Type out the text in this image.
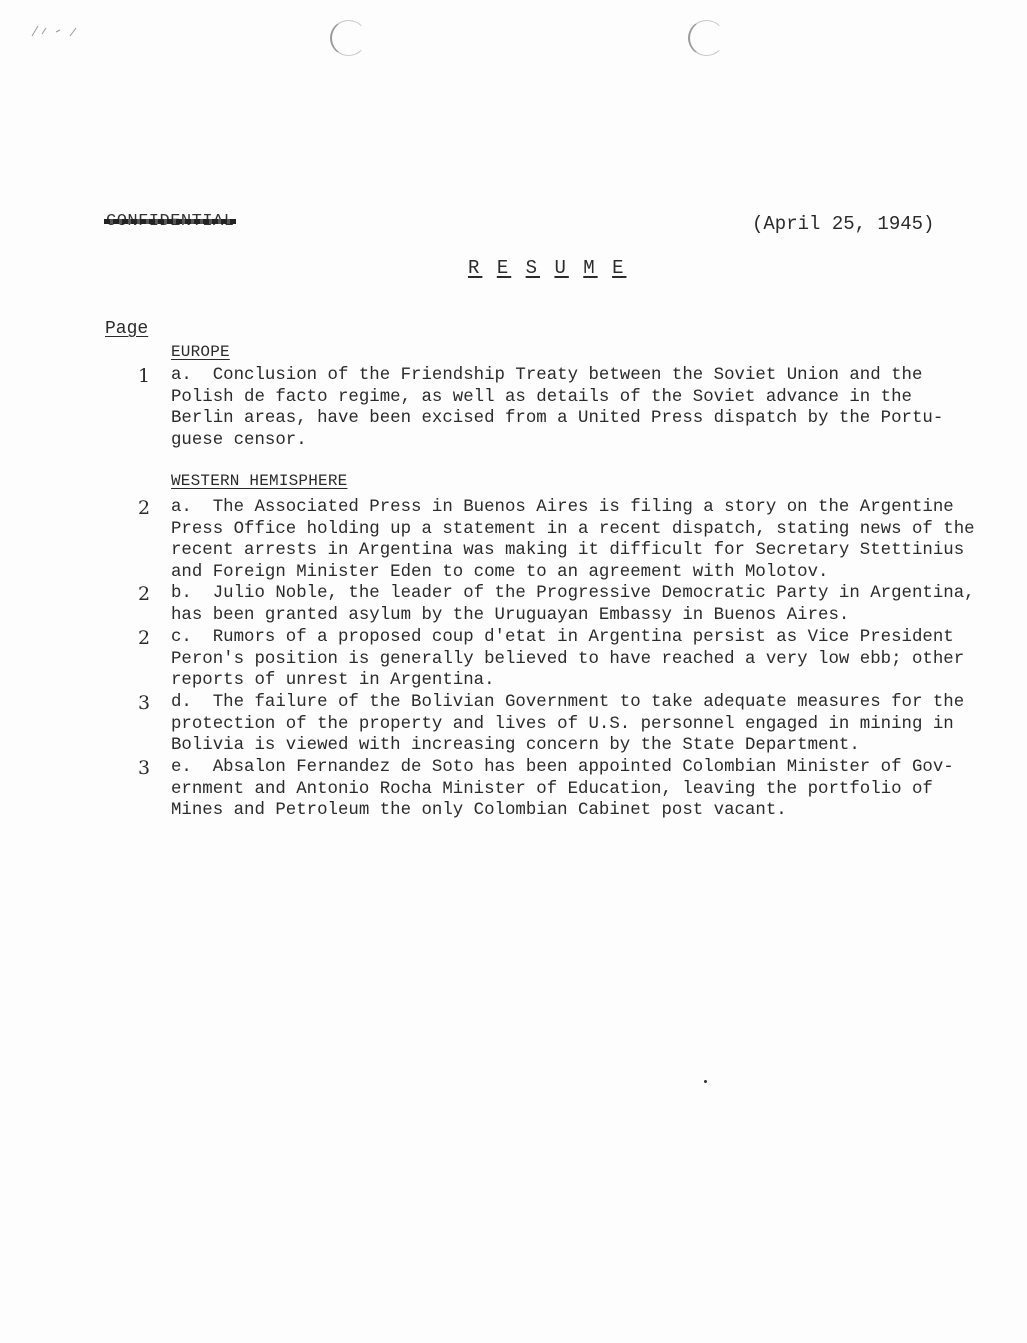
(April 25, 1945)
R E S U M E
Page
EUROPE
1	a.  Conclusion of the Friendship Treaty between the Soviet Union and the
Polish de facto regime, as well as details of the Soviet advance in the
Berlin areas, have been excised from a United Press dispatch by the Portu-
guese censor.
WESTERN HEMISPHERE
2	a.  The Associated Press in Buenos Aires is filing a story on the Argentine
Press Office holding up a statement in a recent dispatch, stating news of the
recent arrests in Argentina was making it difficult for Secretary Stettinius
and Foreign Minister Eden to come to an agreement with Molotov.
2	b.  Julio Noble, the leader of the Progressive Democratic Party in Argentina,
has been granted asylum by the Uruguayan Embassy in Buenos Aires.
2	c.  Rumors of a proposed coup d'etat in Argentina persist as Vice President
Peron's position is generally believed to have reached a very low ebb; other
reports of unrest in Argentina.
3	d.  The failure of the Bolivian Government to take adequate measures for the
protection of the property and lives of U.S. personnel engaged in mining in
Bolivia is viewed with increasing concern by the State Department.
3	e.  Absalon Fernandez de Soto has been appointed Colombian Minister of Gov-
ernment and Antonio Rocha Minister of Education, leaving the portfolio of
Mines and Petroleum the only Colombian Cabinet post vacant.
